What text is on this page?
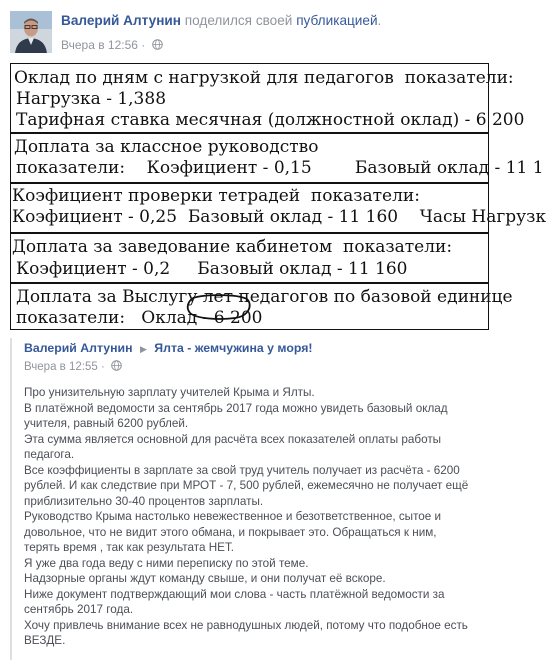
Валерий Алтунин поделился своей публикацией.
Вчера в 12:56 ·
Оклад по дням с нагрузкой для педагогов  показатели:
Нагрузка - 1,388
Тарифная ставка месячная (должностной оклад) - 6 200
Доплата за классное руководство
показатели:    Коэфициент - 0,15        Базовый оклад - 11 1
Коэфициент проверки тетрадей  показатели:
Коэфициент - 0,25  Базовый оклад - 11 160    Часы Нагрузк
Доплата за заведование кабинетом  показатели:
Коэфициент - 0,2     Базовый оклад - 11 160
Доплата за Выслугу лет педагогов по базовой единице
показатели:   Оклад - 6 200
Валерий Алтунин ▶ Ялта - жемчужина у моря!
Вчера в 12:55 ·

Про унизительную зарплату учителей Крыма и Ялты.

В платёжной ведомости за сентябрь 2017 года можно увидеть базовый оклад

учителя, равный 6200 рублей.

Эта сумма является основной для расчёта всех показателей оплаты работы

педагога.

Все коэффициенты в зарплате за свой труд учитель получает из расчёта - 6200

рублей. И как следствие при МРОТ - 7, 500 рублей, ежемесячно не получает ещё

приблизительно 30-40 процентов зарплаты.

Руководство Крыма настолько невежественное и безответственное, сытое и

довольное, что не видит этого обмана, и покрывает это. Обращаться к ним,

терять время , так как результата НЕТ.

Я уже два года веду с ними переписку по этой теме.

Надзорные органы ждут команду свыше, и они получат её вскоре.

Ниже документ подтверждающий мои слова - часть платёжной ведомости за

сентябрь 2017 года.

Хочу привлечь внимание всех не равнодушных людей, потому что подобное есть

ВЕЗДЕ.
